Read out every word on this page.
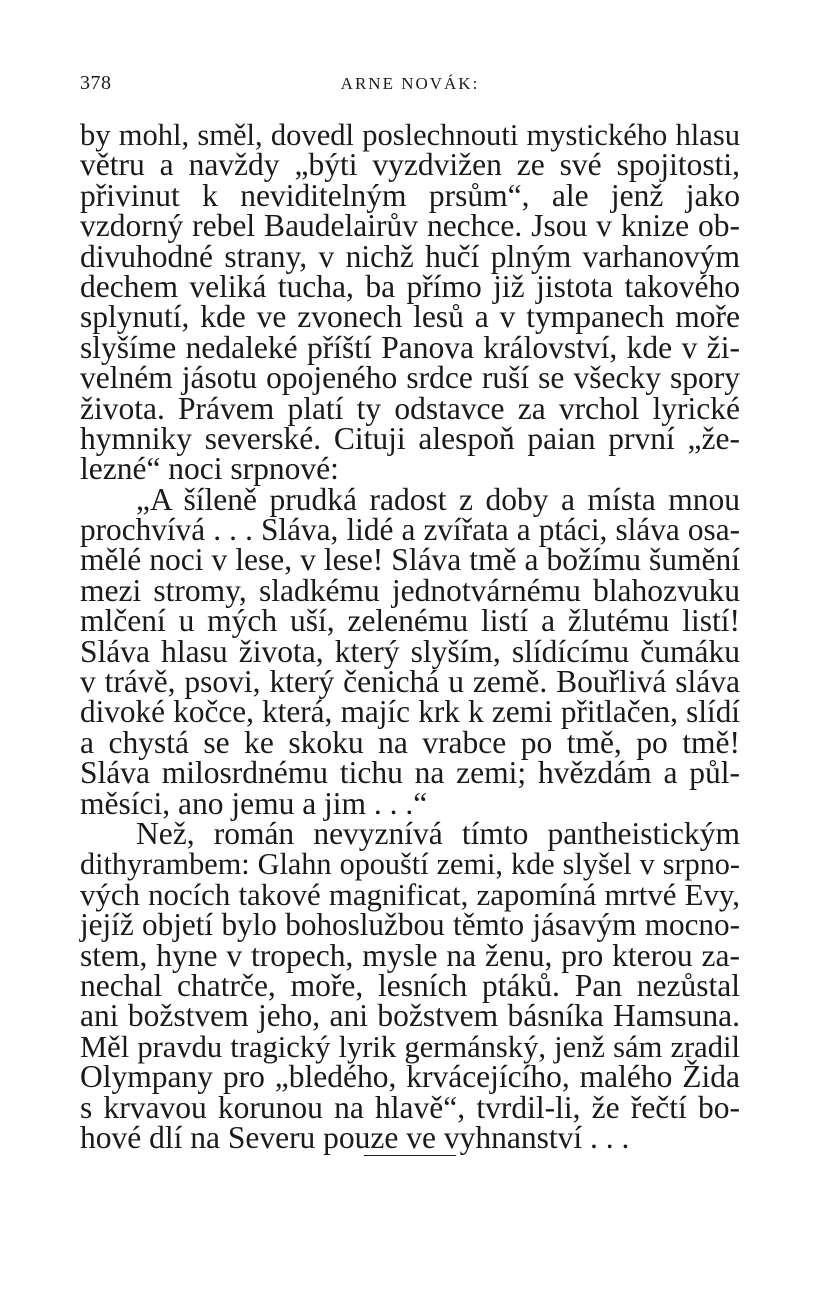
378	ARNE NOVÁK:
by mohl, směl, dovedl poslechnouti mystického hlasu
větru a navždy „býti vyzdvižen ze své spojitosti,
přivinut k neviditelným prsům“, ale jenž jako
vzdorný rebel Baudelairův nechce. Jsou v knize ob-
divuhodné strany, v nichž hučí plným varhanovým
dechem veliká tucha, ba přímo již jistota takového
splynutí, kde ve zvonech lesů a v tympanech moře
slyšíme nedaleké příští Panova království, kde v ži-
velném jásotu opojeného srdce ruší se všecky spory
života. Právem platí ty odstavce za vrchol lyrické
hymniky severské. Cituji alespoň paian první „že-
lezné“ noci srpnové:
„A šíleně prudká radost z doby a místa mnou
prochvívá . . . Sláva, lidé a zvířata a ptáci, sláva osa-
mělé noci v lese, v lese! Sláva tmě a božímu šumění
mezi stromy, sladkému jednotvárnému blahozvuku
mlčení u mých uší, zelenému listí a žlutému listí!
Sláva hlasu života, který slyším, slídícímu čumáku
v trávě, psovi, který čenichá u země. Bouřlivá sláva
divoké kočce, která, majíc krk k zemi přitlačen, slídí
a chystá se ke skoku na vrabce po tmě, po tmě!
Sláva milosrdnému tichu na zemi; hvězdám a půl-
měsíci, ano jemu a jim . . .“
Než, román nevyznívá tímto pantheistickým
dithyrambem: Glahn opouští zemi, kde slyšel v srpno-
vých nocích takové magnificat, zapomíná mrtvé Evy,
jejíž objetí bylo bohoslužbou těmto jásavým mocno-
stem, hyne v tropech, mysle na ženu, pro kterou za-
nechal chatrče, moře, lesních ptáků. Pan nezůstal
ani božstvem jeho, ani božstvem básníka Hamsuna.
Měl pravdu tragický lyrik germánský, jenž sám zradil
Olympany pro „bledého, krvácejícího, malého Žida
s krvavou korunou na hlavě“, tvrdil-li, že řečtí bo-
hové dlí na Severu pouze ve vyhnanství . . .
